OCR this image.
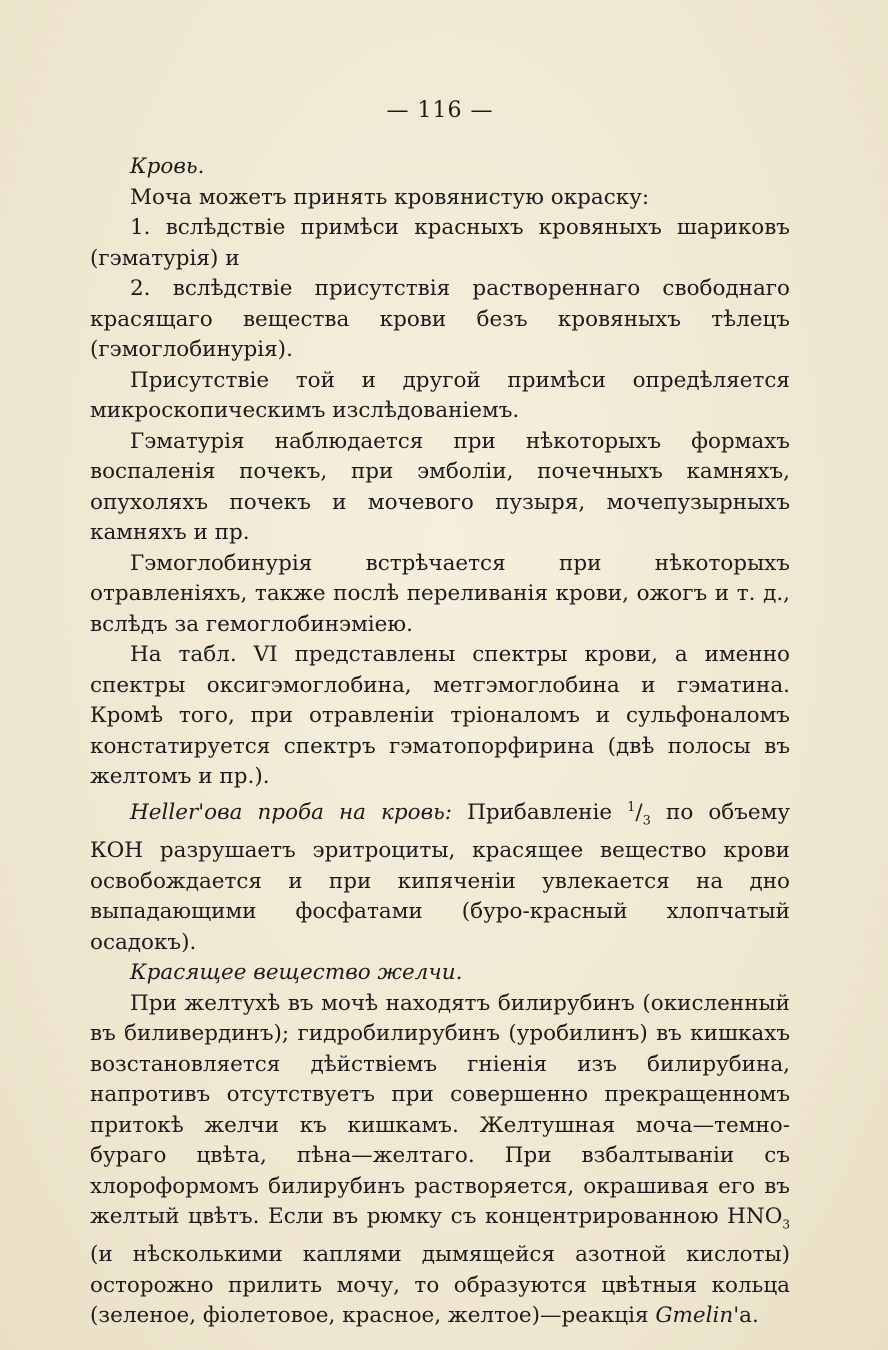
— 116 —

Кровь.

Моча можетъ принять кровянистую окраску:

1. вслѣдствіе примѣси красныхъ кровяныхъ шариковъ (гэматурія) и

2. вслѣдствіе присутствія раствореннаго свободнаго красящаго вещества крови безъ кровяныхъ тѣлецъ (гэмоглобинурія).

Присутствіе той и другой примѣси опредѣляется микроскопическимъ изслѣдованіемъ.

Гэматурія наблюдается при нѣкоторыхъ формахъ воспаленія почекъ, при эмболіи, почечныхъ камняхъ, опухоляхъ почекъ и мочевого пузыря, мочепузырныхъ камняхъ и пр.

Гэмоглобинурія встрѣчается при нѣкоторыхъ отравленіяхъ, также послѣ переливанія крови, ожогъ и т. д., вслѣдъ за гемоглобинэміею.

На табл. VI представлены спектры крови, а именно спектры оксигэмоглобина, метгэмоглобина и гэматина. Кромѣ того, при отравленіи тріоналомъ и сульфоналомъ констатируется спектръ гэматопорфирина (двѣ полосы въ желтомъ и пр.).

Heller'ова проба на кровь: Прибавленіе $^1/_3$ по объему КОН разрушаетъ эритроциты, красящее вещество крови освобождается и при кипяченіи увлекается на дно выпадающими фосфатами (буро-красный хлопчатый осадокъ).

Красящее вещество желчи.

При желтухѣ въ мочѣ находятъ билирубинъ (окисленный въ биливердинъ); гидробилирубинъ (уробилинъ) въ кишкахъ возстановляется дѣйствіемъ гніенія изъ билирубина, напротивъ отсутствуетъ при совершенно прекращенномъ притокѣ желчи къ кишкамъ. Желтушная моча—темно-бураго цвѣта, пѣна—желтаго. При взбалтываніи съ хлороформомъ билирубинъ растворяется, окрашивая его въ желтый цвѣтъ. Если въ рюмку съ концентрированною $HNO_3$ (и нѣсколькими каплями дымящейся азотной кислоты) осторожно прилить мочу, то образуются цвѣтныя кольца (зеленое, фіолетовое, красное, желтое)—реакція Gmelin'а.
